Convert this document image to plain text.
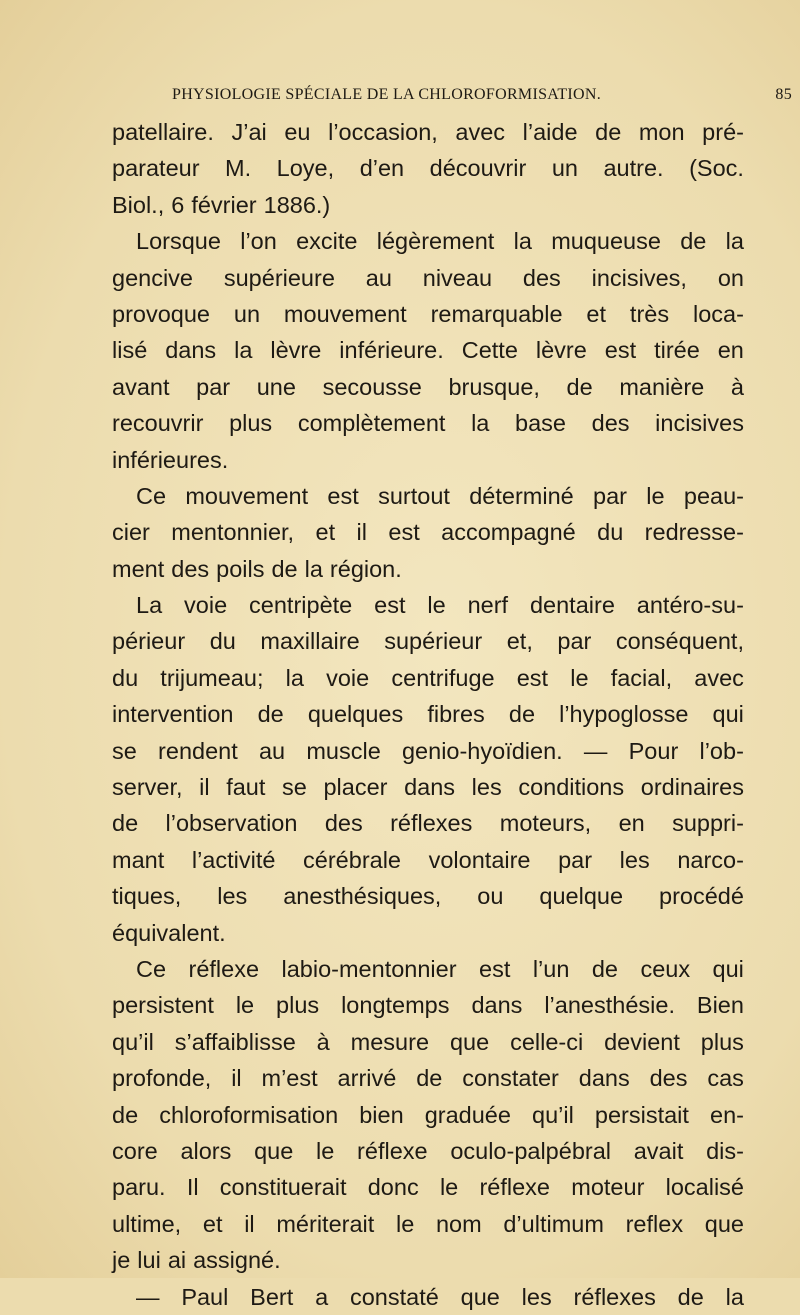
PHYSIOLOGIE SPÉCIALE DE LA CHLOROFORMISATION.	85
patellaire. J’ai eu l’occasion, avec l’aide de mon pré-
parateur M. Loye, d’en découvrir un autre. (Soc.
Biol., 6 février 1886.)
Lorsque l’on excite légèrement la muqueuse de la
gencive supérieure au niveau des incisives, on
provoque un mouvement remarquable et très loca-
lisé dans la lèvre inférieure. Cette lèvre est tirée en
avant par une secousse brusque, de manière à
recouvrir plus complètement la base des incisives
inférieures.
Ce mouvement est surtout déterminé par le peau-
cier mentonnier, et il est accompagné du redresse-
ment des poils de la région.
La voie centripète est le nerf dentaire antéro-su-
périeur du maxillaire supérieur et, par conséquent,
du trijumeau; la voie centrifuge est le facial, avec
intervention de quelques fibres de l’hypoglosse qui
se rendent au muscle genio-hyoïdien. — Pour l’ob-
server, il faut se placer dans les conditions ordinaires
de l’observation des réflexes moteurs, en suppri-
mant l’activité cérébrale volontaire par les narco-
tiques, les anesthésiques, ou quelque procédé
équivalent.
Ce réflexe labio-mentonnier est l’un de ceux qui
persistent le plus longtemps dans l’anesthésie. Bien
qu’il s’affaiblisse à mesure que celle-ci devient plus
profonde, il m’est arrivé de constater dans des cas
de chloroformisation bien graduée qu’il persistait en-
core alors que le réflexe oculo-palpébral avait dis-
paru. Il constituerait donc le réflexe moteur localisé
ultime, et il mériterait le nom d’ultimum reflex que
je lui ai assigné.
— Paul Bert a constaté que les réflexes de la
